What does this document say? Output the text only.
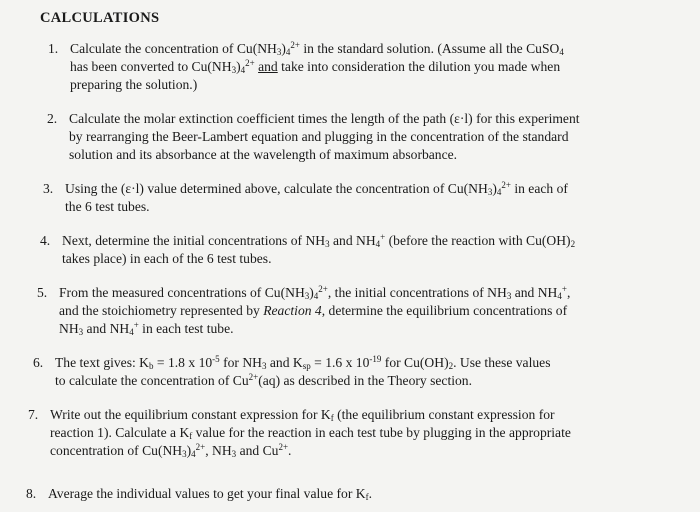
CALCULATIONS
1. Calculate the concentration of $Cu(NH_3)_4^{2+}$ in the standard solution. (Assume all the CuSO$_4$
has been converted to $Cu(NH_3)_4^{2+}$ and take into consideration the dilution you made when
preparing the solution.)
2. Calculate the molar extinction coefficient times the length of the path (ε·l) for this experiment
by rearranging the Beer-Lambert equation and plugging in the concentration of the standard
solution and its absorbance at the wavelength of maximum absorbance.
3. Using the (ε·l) value determined above, calculate the concentration of $Cu(NH_3)_4^{2+}$ in each of
the 6 test tubes.
4. Next, determine the initial concentrations of $NH_3$ and $NH_4^+$ (before the reaction with $Cu(OH)_2$
takes place) in each of the 6 test tubes.
5. From the measured concentrations of $Cu(NH_3)_4^{2+}$, the initial concentrations of $NH_3$ and $NH_4^+$,
and the stoichiometry represented by Reaction 4, determine the equilibrium concentrations of
$NH_3$ and $NH_4^+$ in each test tube.
6. The text gives: $K_b = 1.8$ x $10^{-5}$ for $NH_3$ and $K_{sp} = 1.6$ x $10^{-19}$ for $Cu(OH)_2$. Use these values
to calculate the concentration of $Cu^{2+}(aq)$ as described in the Theory section.
7. Write out the equilibrium constant expression for $K_f$ (the equilibrium constant expression for
reaction 1). Calculate a $K_f$ value for the reaction in each test tube by plugging in the appropriate
concentration of $Cu(NH_3)_4^{2+}$, $NH_3$ and $Cu^{2+}$.
8. Average the individual values to get your final value for $K_f$.
